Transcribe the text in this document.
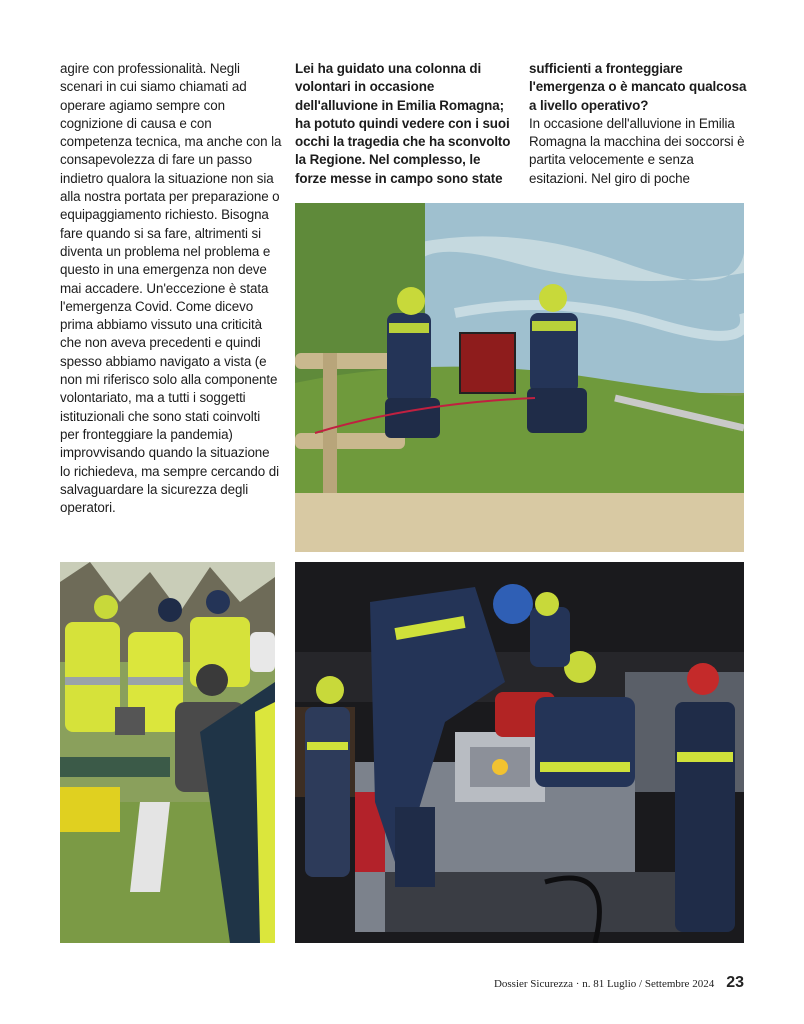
agire con professionalità. Negli scenari in cui siamo chiamati ad operare agiamo sempre con cognizione di causa e con competenza tecnica, ma anche con la consapevolezza di fare un passo indietro qualora la situazione non sia alla nostra portata per preparazione o equipaggiamento richiesto. Bisogna fare quando si sa fare, altrimenti si diventa un problema nel problema e questo in una emergenza non deve mai accadere. Un'eccezione è stata l'emergenza Covid. Come dicevo prima abbiamo vissuto una criticità che non aveva precedenti e quindi spesso abbiamo navigato a vista (e non mi riferisco solo alla componente volontariato, ma a tutti i soggetti istituzionali che sono stati coinvolti per fronteggiare la pandemia) improvvisando quando la situazione lo richiedeva, ma sempre cercando di salvaguardare la sicurezza degli operatori.

Lei ha guidato una colonna di volontari in occasione dell'alluvione in Emilia Romagna; ha potuto quindi vedere con i suoi occhi la tragedia che ha sconvolto la Regione. Nel complesso, le forze messe in campo sono state

sufficienti a fronteggiare l'emergenza o è mancato qualcosa a livello operativo?

In occasione dell'alluvione in Emilia Romagna la macchina dei soccorsi è partita velocemente e senza esitazioni. Nel giro di poche

Dossier Sicurezza · n. 81 Luglio / Settembre 2024 23
